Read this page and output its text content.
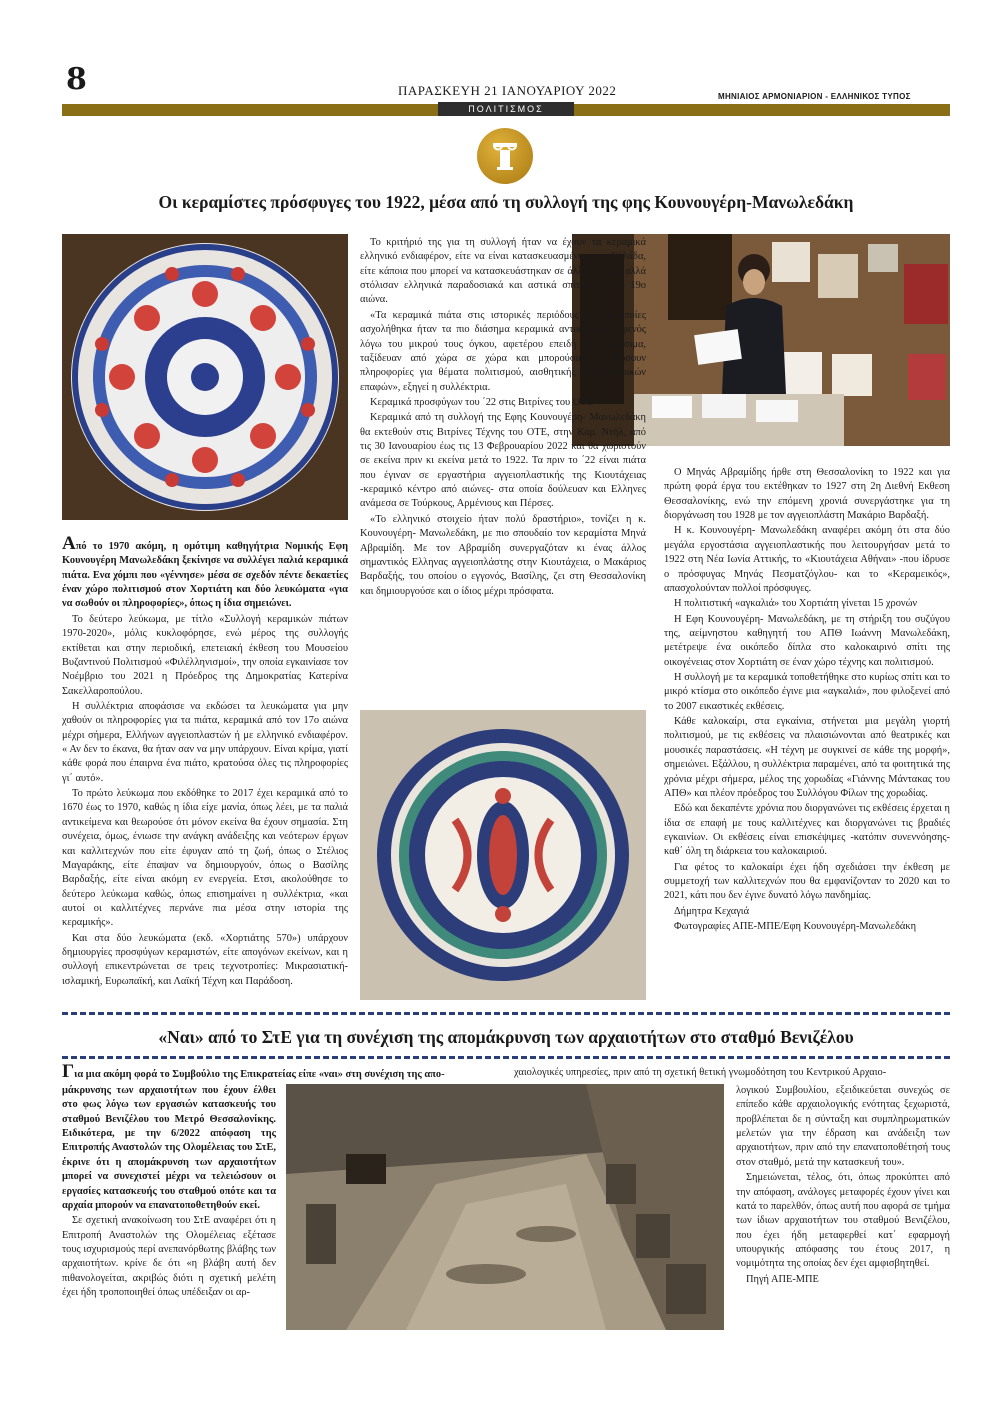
8	ΠΑΡΑΣΚΕΥΗ 21 ΙΑΝΟΥΑΡΙΟΥ 2022	ΜΗΝΙΑΙΟΣ ΑΡΜΟΝΙΑΡΙΟΝ - ΕΛΛΗΝΙΚΟΣ ΤΥΠΟΣ
ΠΟΛΙΤΙΣΜΟΣ
Οι κεραμίστες πρόσφυγες του 1922, μέσα από τη συλλογή της φης Κουνουγέρη-Μανωλεδάκη

Από το 1970 ακόμη, η ομότιμη καθηγήτρια Νομικής Εφη Κουνουγέρη Μανωλεδάκη ξεκίνησε να συλλέγει παλιά κεραμικά πιάτα. Ενα χόμπι που «γέννησε» μέσα σε σχεδόν πέντε δεκαετίες έναν χώρο πολιτισμού στον Χορτιάτη και δύο λευκώματα «για να σωθούν οι πληροφορίες», όπως η ίδια σημειώνει.

Το δεύτερο λεύκωμα, με τίτλο «Συλλογή κεραμικών πιάτων 1970-2020», μόλις κυκλοφόρησε, ενώ μέρος της συλλογής εκτίθεται και στην περιοδική, επετειακή έκθεση του Μουσείου Βυζαντινού Πολιτισμού «Φιλέλληνισμοί», την οποία εγκαινίασε τον Νοέμβριο του 2021 η Πρόεδρος της Δημοκρατίας Κατερίνα Σακελλαροπούλου.

Η συλλέκτρια αποφάσισε να εκδώσει τα λευκώματα για μην χαθούν οι πληροφορίες για τα πιάτα, κεραμικά από τον 17ο αιώνα μέχρι σήμερα, Ελλήνων αγγειοπλαστών ή με ελληνικό ενδιαφέρον. « Αν δεν το έκανα, θα ήταν σαν να μην υπάρχουν. Είναι κρίμα, γιατί κάθε φορά που έπαιρνα ένα πιάτο, κρατούσα όλες τις πληροφορίες γι΄ αυτό».

Το πρώτο λεύκωμα που εκδόθηκε το 2017 έχει κεραμικά από το 1670 έως το 1970, καθώς η ίδια είχε μανία, όπως λέει, με τα παλιά αντικείμενα και θεωρούσε ότι μόνον εκείνα θα έχουν σημασία. Στη συνέχεια, όμως, ένιωσε την ανάγκη ανάδειξης και νεότερων έργων και καλλιτεχνών που είτε έφυγαν από τη ζωή, όπως ο Στέλιος Μαγαράκης, είτε έπαψαν να δημιουργούν, όπως ο Βασίλης Βαρδαξής, είτε είναι ακόμη εν ενεργεία. Ετσι, ακολούθησε το δεύτερο λεύκωμα καθώς, όπως επισημαίνει η συλλέκτρια, «και αυτοί οι καλλιτέχνες περνάνε πια μέσα στην ιστορία της κεραμικής».

Και στα δύο λευκώματα (εκδ. «Χορτιάτης 570») υπάρχουν δημιουργίες προσφύγων κεραμιστών, είτε απογόνων εκείνων, και η συλλογή επικεντρώνεται σε τρεις τεχνοτροπίες: Μικρασιατική-ισλαμική, Ευρωπαϊκή, και Λαϊκή Τέχνη και Παράδοση.

Το κριτήριό της για τη συλλογή ήταν να έχουν τα κεραμικά ελληνικό ενδιαφέρον, είτε να είναι κατασκευασμένα στην Ελλάδα, είτε κάποια που μπορεί να κατασκευάστηκαν σε άλλες χώρες, αλλά στόλισαν ελληνικά παραδοσιακά και αστικά σπίτια από το 19ο αιώνα.

«Τα κεραμικά πιάτα στις ιστορικές περιόδους με τις οποίες ασχολήθηκα ήταν τα πιο διάσημα κεραμικά αντικείμενα, αφενός λόγω του μικρού τους όγκου, αφετέρου επειδή ήταν χρησιμα, ταξίδευαν από χώρα σε χώρα και μπορούσαν να δώσουν πληροφορίες για θέματα πολιτισμού, αισθητικής και εμπορικών επαφών», εξηγεί η συλλέκτρια.

Κεραμικά προσφύγων του ΄22 στις Βιτρίνες του ΟΤΕ

Κεραμικά από τη συλλογή της Εφης Κουνουγέρη- Μανωλεδάκη θα εκτεθούν στις Βιτρίνες Τέχνης του ΟΤΕ, στην Καρ. Ντήλ, από τις 30 Ιανουαρίου έως τις 13 Φεβρουαρίου 2022 και θα χωριστούν σε εκείνα πριν κι εκείνα μετά το 1922. Τα πριν το ΄22 είναι πιάτα που έγιναν σε εργαστήρια αγγειοπλαστικής της Κιουτάχειας -κεραμικό κέντρο από αιώνες- στα οποία δούλευαν και Ελληνες ανάμεσα σε Τούρκους, Αρμένιους και Πέρσες.

«Το ελληνικό στοιχείο ήταν πολύ δραστήριο», τονίζει η κ. Κουνουγέρη- Μανωλεδάκη, με πιο σπουδαίο τον κεραμίστα Μηνά Αβραμίδη. Με τον Αβραμίδη συνεργαζόταν κι ένας άλλος σημαντικός Ελληνας αγγειοπλάστης στην Κιουτάχεια, ο Μακάριος Βαρδαξής, του οποίου ο εγγονός, Βασίλης, ζει στη Θεσσαλονίκη και δημιουργούσε και ο ίδιος μέχρι πρόσφατα.

Ο Μηνάς Αβραμίδης ήρθε στη Θεσσαλονίκη το 1922 και για πρώτη φορά έργα του εκτέθηκαν το 1927 στη 2η Διεθνή Εκθεση Θεσσαλονίκης, ενώ την επόμενη χρονιά συνεργάστηκε για τη διοργάνωση του 1928 με τον αγγειοπλάστη Μακάριο Βαρδαξή.

Η κ. Κουνουγέρη- Μανωλεδάκη αναφέρει ακόμη ότι στα δύο μεγάλα εργοστάσια αγγειοπλαστικής που λειτουργήσαν μετά το 1922 στη Νέα Ιωνία Αττικής, το «Κιουτάχεια Αθήναι» -που ίδρυσε ο πρόσφυγας Μηνάς Πεσματζόγλου- και το «Κεραμεικός», απασχολούνταν πολλοί πρόσφυγες.

Η πολιτιστική «αγκαλιά» του Χορτιάτη γίνεται 15 χρονών

Η Εφη Κουνουγέρη- Μανωλεδάκη, με τη στήριξη του συζύγου της, αείμνηστου καθηγητή του ΑΠΘ Ιωάννη Μανωλεδάκη, μετέτρεψε ένα οικόπεδο δίπλα στο καλοκαιρινό σπίτι της οικογένειας στον Χορτιάτη σε έναν χώρο τέχνης και πολιτισμού.

Η συλλογή με τα κεραμικά τοποθετήθηκε στο κυρίως σπίτι και το μικρό κτίσμα στο οικόπεδο έγινε μια «αγκαλιά», που φιλοξενεί από το 2007 εικαστικές εκθέσεις.

Κάθε καλοκαίρι, στα εγκαίνια, στήνεται μια μεγάλη γιορτή πολιτισμού, με τις εκθέσεις να πλαισιώνονται από θεατρικές και μουσικές παραστάσεις. «Η τέχνη με συγκινεί σε κάθε της μορφή», σημειώνει. Εξάλλου, η συλλέκτρια παραμένει, από τα φοιτητικά της χρόνια μέχρι σήμερα, μέλος της χορωδίας «Γιάννης Μάντακας του ΑΠΘ» και πλέον πρόεδρος του Συλλόγου Φίλων της χορωδίας.

Εδώ και δεκαπέντε χρόνια που διοργανώνει τις εκθέσεις έρχεται η ίδια σε επαφή με τους καλλιτέχνες και διοργανώνει τις βραδιές εγκαινίων. Οι εκθέσεις είναι επισκέψιμες -κατόπιν συνεννόησης- καθ΄ όλη τη διάρκεια του καλοκαιριού.

Για φέτος το καλοκαίρι έχει ήδη σχεδιάσει την έκθεση με συμμετοχή των καλλιτεχνών που θα εμφανίζονταν το 2020 και το 2021, κάτι που δεν έγινε δυνατό λόγω πανδημίας.

Δήμητρα Κεχαγιά

Φωτογραφίες ΑΠΕ-ΜΠΕ/Εφη Κουνουγέρη-Μανωλεδάκη

«Ναι» από το ΣτΕ για τη συνέχιση της απομάκρυνση των αρχαιοτήτων στο σταθμό Βενιζέλου
Για μια ακόμη φορά το Συμβούλιο της Επικρατείας είπε «ναι» στη συνέχιση της απο-	χαιολογικές υπηρεσίες, πριν από τη σχετική θετική γνωμοδότηση του Κεντρικού Αρχαιο-

μάκρυνσης των αρχαιοτήτων που έχουν έλθει στο φως λόγω των εργασιών κατασκευής του σταθμού Βενιζέλου του Μετρό Θεσσαλονίκης. Ειδικότερα, με την 6/2022 απόφαση της Επιτροπής Αναστολών της Ολομέλειας του ΣτΕ, έκρινε ότι η απομάκρυνση των αρχαιοτήτων μπορεί να συνεχιστεί μέχρι να τελειώσουν οι εργασίες κατασκευής του σταθμού οπότε και τα αρχαία μπορούν να επανατοποθετηθούν εκεί.

Σε σχετική ανακοίνωση του ΣτΕ αναφέρει ότι η Επιτροπή Αναστολών της Ολομέλειας εξέτασε τους ισχυρισμούς περί ανεπανόρθωτης βλάβης των αρχαιοτήτων. κρίνε δε ότι «η βλάβη αυτή δεν πιθανολογείται, ακριβώς διότι η σχετική μελέτη έχει ήδη τροποποιηθεί όπως υπέδειξαν οι αρ-

λογικού Συμβουλίου, εξειδικεύεται συνεχώς σε επίπεδο κάθε αρχαιολογικής ενότητας ξεχωριστά, προβλέπεται δε η σύνταξη και συμπληρωματικών μελετών για την έδραση και ανάδειξη των αρχαιοτήτων, πριν από την επανατοποθέτησή τους στον σταθμό, μετά την κατασκευή του».

Σημειώνεται, τέλος, ότι, όπως προκύπτει από την απόφαση, ανάλογες μεταφορές έχουν γίνει και κατά το παρελθόν, όπως αυτή που αφορά σε τμήμα των ίδιων αρχαιοτήτων του σταθμού Βενιζέλου, που έχει ήδη μεταφερθεί κατ΄ εφαρμογή υπουργικής απόφασης του έτους 2017, η νομιμότητα της οποίας δεν έχει αμφισβητηθεί.

Πηγή ΑΠΕ-ΜΠΕ
